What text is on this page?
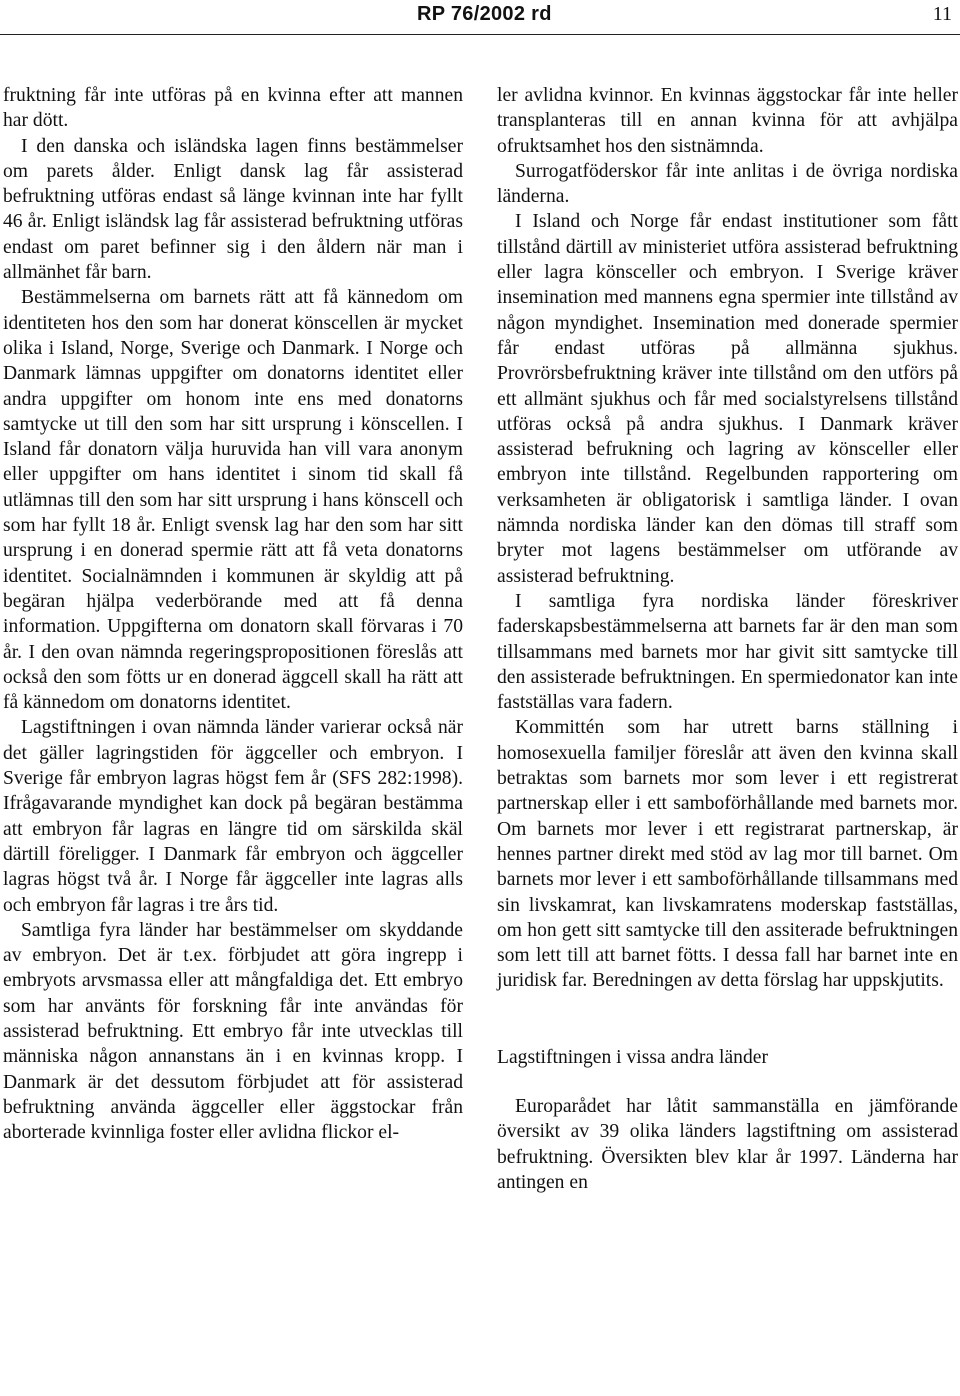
RP 76/2002 rd	11

fruktning får inte utföras på en kvinna efter att mannen har dött.

I den danska och isländska lagen finns bestämmelser om parets ålder. Enligt dansk lag får assisterad befruktning utföras endast så länge kvinnan inte har fyllt 46 år. Enligt isländsk lag får assisterad befruktning utföras endast om paret befinner sig i den åldern när man i allmänhet får barn.

Bestämmelserna om barnets rätt att få kännedom om identiteten hos den som har donerat könscellen är mycket olika i Island, Norge, Sverige och Danmark. I Norge och Danmark lämnas uppgifter om donatorns identitet eller andra uppgifter om honom inte ens med donatorns samtycke ut till den som har sitt ursprung i könscellen. I Island får donatorn välja huruvida han vill vara anonym eller uppgifter om hans identitet i sinom tid skall få utlämnas till den som har sitt ursprung i hans könscell och som har fyllt 18 år. Enligt svensk lag har den som har sitt ursprung i en donerad spermie rätt att få veta donatorns identitet. Socialnämnden i kommunen är skyldig att på begäran hjälpa vederbörande med att få denna information. Uppgifterna om donatorn skall förvaras i 70 år. I den ovan nämnda regeringspropositionen föreslås att också den som fötts ur en donerad äggcell skall ha rätt att få kännedom om donatorns identitet.

Lagstiftningen i ovan nämnda länder varierar också när det gäller lagringstiden för äggceller och embryon. I Sverige får embryon lagras högst fem år (SFS 282:1998). Ifrågavarande myndighet kan dock på begäran bestämma att embryon får lagras en längre tid om särskilda skäl därtill föreligger. I Danmark får embryon och äggceller lagras högst två år. I Norge får äggceller inte lagras alls och embryon får lagras i tre års tid.

Samtliga fyra länder har bestämmelser om skyddande av embryon. Det är t.ex. förbjudet att göra ingrepp i embryots arvsmassa eller att mångfaldiga det. Ett embryo som har använts för forskning får inte användas för assisterad befruktning. Ett embryo får inte utvecklas till människa någon annanstans än i en kvinnas kropp. I Danmark är det dessutom förbjudet att för assisterad befruktning använda äggceller eller äggstockar från aborterade kvinnliga foster eller avlidna flickor el-

ler avlidna kvinnor. En kvinnas äggstockar får inte heller transplanteras till en annan kvinna för att avhjälpa ofruktsamhet hos den sistnämnda.

Surrogatföderskor får inte anlitas i de övriga nordiska länderna.

I Island och Norge får endast institutioner som fått tillstånd därtill av ministeriet utföra assisterad befruktning eller lagra könsceller och embryon. I Sverige kräver insemination med mannens egna spermier inte tillstånd av någon myndighet. Insemination med donerade spermier får endast utföras på allmänna sjukhus. Provrörsbefruktning kräver inte tillstånd om den utförs på ett allmänt sjukhus och får med socialstyrelsens tillstånd utföras också på andra sjukhus. I Danmark kräver assisterad befrukning och lagring av könsceller eller embryon inte tillstånd. Regelbunden rapportering om verksamheten är obligatorisk i samtliga länder. I ovan nämnda nordiska länder kan den dömas till straff som bryter mot lagens bestämmelser om utförande av assisterad befruktning.

I samtliga fyra nordiska länder föreskriver faderskapsbestämmelserna att barnets far är den man som tillsammans med barnets mor har givit sitt samtycke till den assisterade befruktningen. En spermiedonator kan inte fastställas vara fadern.

Kommittén som har utrett barns ställning i homosexuella familjer föreslår att även den kvinna skall betraktas som barnets mor som lever i ett registrerat partnerskap eller i ett samboförhållande med barnets mor. Om barnets mor lever i ett registrarat partnerskap, är hennes partner direkt med stöd av lag mor till barnet. Om barnets mor lever i ett samboförhållande tillsammans med sin livskamrat, kan livskamratens moderskap fastställas, om hon gett sitt samtycke till den assiterade befruktningen som lett till att barnet fötts. I dessa fall har barnet inte en juridisk far. Beredningen av detta förslag har uppskjutits.

Lagstiftningen i vissa andra länder

Europarådet har låtit sammanställa en jämförande översikt av 39 olika länders lagstiftning om assisterad befruktning. Översikten blev klar år 1997. Länderna har antingen en
